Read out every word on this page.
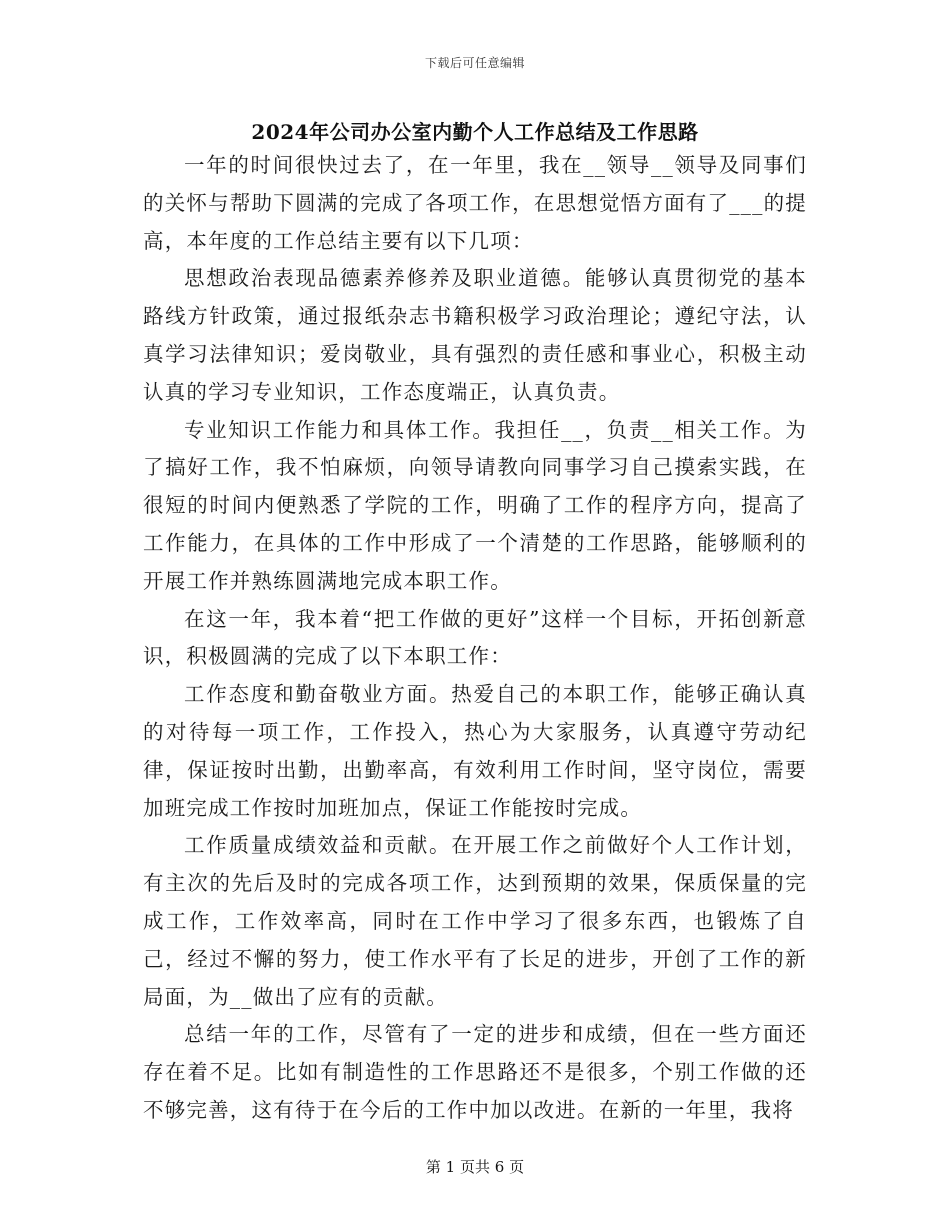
下载后可任意编辑
2024年公司办公室内勤个人工作总结及工作思路

一年的时间很快过去了，在一年里，我在__领导__领导及同事们的关怀与帮助下圆满的完成了各项工作，在思想觉悟方面有了___的提高，本年度的工作总结主要有以下几项：

思想政治表现品德素养修养及职业道德。能够认真贯彻党的基本路线方针政策，通过报纸杂志书籍积极学习政治理论；遵纪守法，认真学习法律知识；爱岗敬业，具有强烈的责任感和事业心，积极主动认真的学习专业知识，工作态度端正，认真负责。

专业知识工作能力和具体工作。我担任__，负责__相关工作。为了搞好工作，我不怕麻烦，向领导请教向同事学习自己摸索实践，在很短的时间内便熟悉了学院的工作，明确了工作的程序方向，提高了工作能力，在具体的工作中形成了一个清楚的工作思路，能够顺利的开展工作并熟练圆满地完成本职工作。

在这一年，我本着“把工作做的更好”这样一个目标，开拓创新意识，积极圆满的完成了以下本职工作：

工作态度和勤奋敬业方面。热爱自己的本职工作，能够正确认真的对待每一项工作，工作投入，热心为大家服务，认真遵守劳动纪律，保证按时出勤，出勤率高，有效利用工作时间，坚守岗位，需要加班完成工作按时加班加点，保证工作能按时完成。

工作质量成绩效益和贡献。在开展工作之前做好个人工作计划，有主次的先后及时的完成各项工作，达到预期的效果，保质保量的完成工作，工作效率高，同时在工作中学习了很多东西，也锻炼了自己，经过不懈的努力，使工作水平有了长足的进步，开创了工作的新局面，为__做出了应有的贡献。

总结一年的工作，尽管有了一定的进步和成绩，但在一些方面还存在着不足。比如有制造性的工作思路还不是很多，个别工作做的还不够完善，这有待于在今后的工作中加以改进。在新的一年里，我将

第 1 页共 6 页
